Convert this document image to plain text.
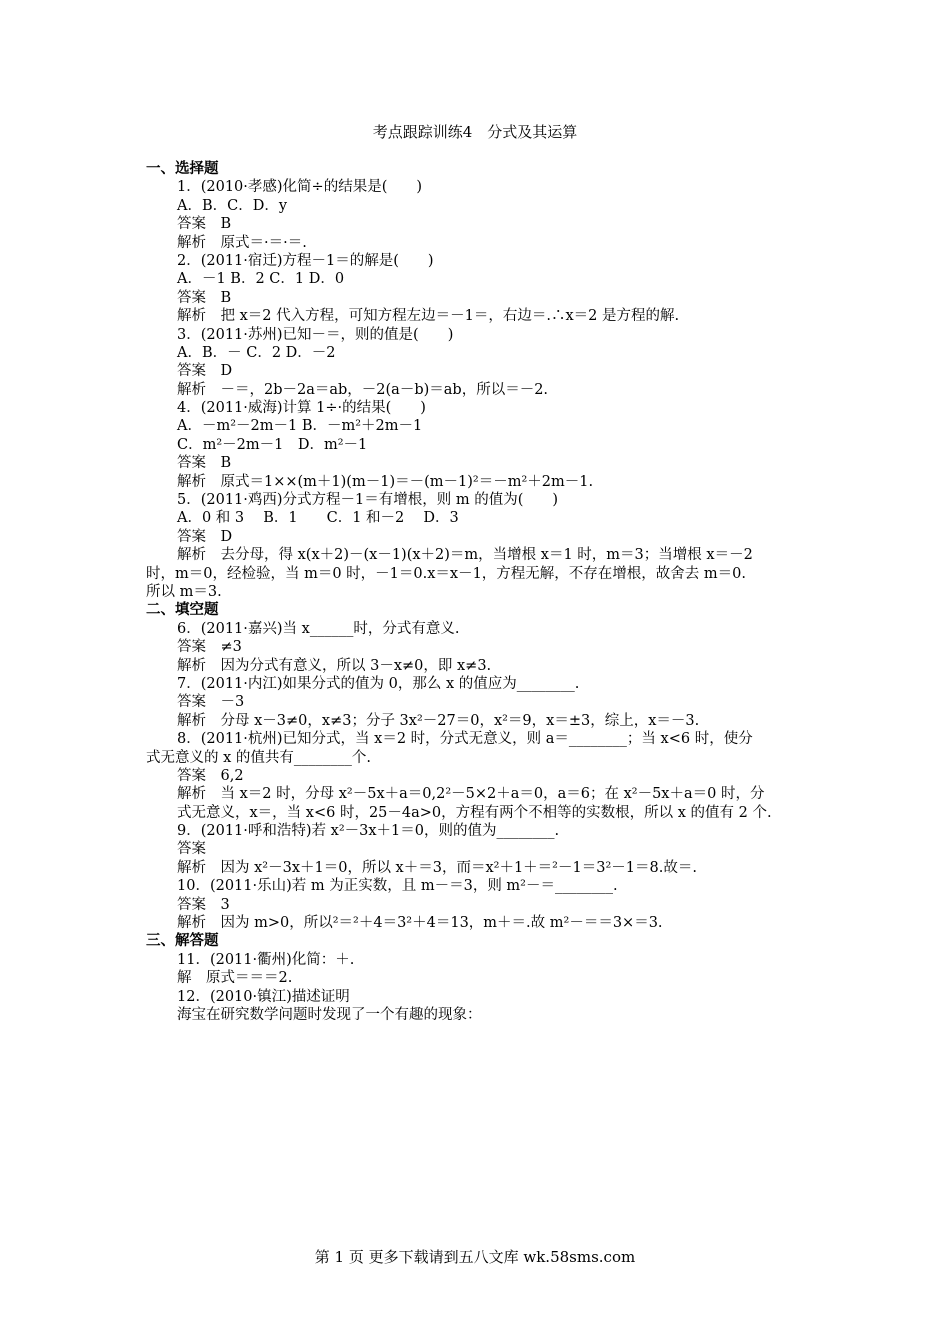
考点跟踪训练4　分式及其运算
一、选择题
1．(2010·孝感)化简÷的结果是(　　)
A．B．C．D．y
答案　B
解析　原式＝·＝·＝.
2．(2011·宿迁)方程－1＝的解是(　　)
A．－1 B．2 C．1 D．0
答案　B
解析　把 x＝2 代入方程，可知方程左边＝－1＝，右边＝.∴x＝2 是方程的解.
3．(2011·苏州)已知－＝，则的值是(　　)
A．B．－ C．2 D．－2
答案　D
解析　－＝，2b－2a＝ab，－2(a－b)＝ab，所以＝－2.
4．(2011·威海)计算 1÷·的结果(　　)
A．－m²－2m－1 B．－m²＋2m－1
C．m²－2m－1　D．m²－1
答案　B
解析　原式＝1××(m＋1)(m－1)＝－(m－1)²＝－m²＋2m－1.
5．(2011·鸡西)分式方程－1＝有增根，则 m 的值为(　　)
A．0 和 3　 B．1　　C．1 和－2　 D．3
答案　D
解析　去分母，得 x(x＋2)－(x－1)(x＋2)＝m，当增根 x＝1 时，m＝3；当增根 x＝－2
时，m＝0，经检验，当 m＝0 时，－1＝0.x＝x－1，方程无解，不存在增根，故舍去 m＝0.
所以 m＝3.
二、填空题
6．(2011·嘉兴)当 x______时，分式有意义.
答案　≠3
解析　因为分式有意义，所以 3－x≠0，即 x≠3.
7．(2011·内江)如果分式的值为 0，那么 x 的值应为________.
答案　－3
解析　分母 x－3≠0，x≠3；分子 3x²－27＝0，x²＝9，x＝±3，综上，x＝－3.
8．(2011·杭州)已知分式，当 x＝2 时，分式无意义，则 a＝________；当 x<6 时，使分
式无意义的 x 的值共有________个.
答案　6,2
解析　当 x＝2 时，分母 x²－5x＋a＝0,2²－5×2＋a＝0，a＝6；在 x²－5x＋a＝0 时，分
式无意义，x＝，当 x<6 时，25－4a>0，方程有两个不相等的实数根，所以 x 的值有 2 个.
9．(2011·呼和浩特)若 x²－3x＋1＝0，则的值为________.
答案
解析　因为 x²－3x＋1＝0，所以 x＋＝3，而＝x²＋1＋＝²－1＝3²－1＝8.故＝.
10．(2011·乐山)若 m 为正实数，且 m－＝3，则 m²－＝________.
答案　3
解析　因为 m>0，所以²＝²＋4＝3²＋4＝13，m＋＝.故 m²－＝＝3×＝3.
三、解答题
11．(2011·衢州)化简：＋.
解　原式＝＝＝2.
12．(2010·镇江)描述证明
海宝在研究数学问题时发现了一个有趣的现象：
第 1 页 更多下载请到五八文库 wk.58sms.com
